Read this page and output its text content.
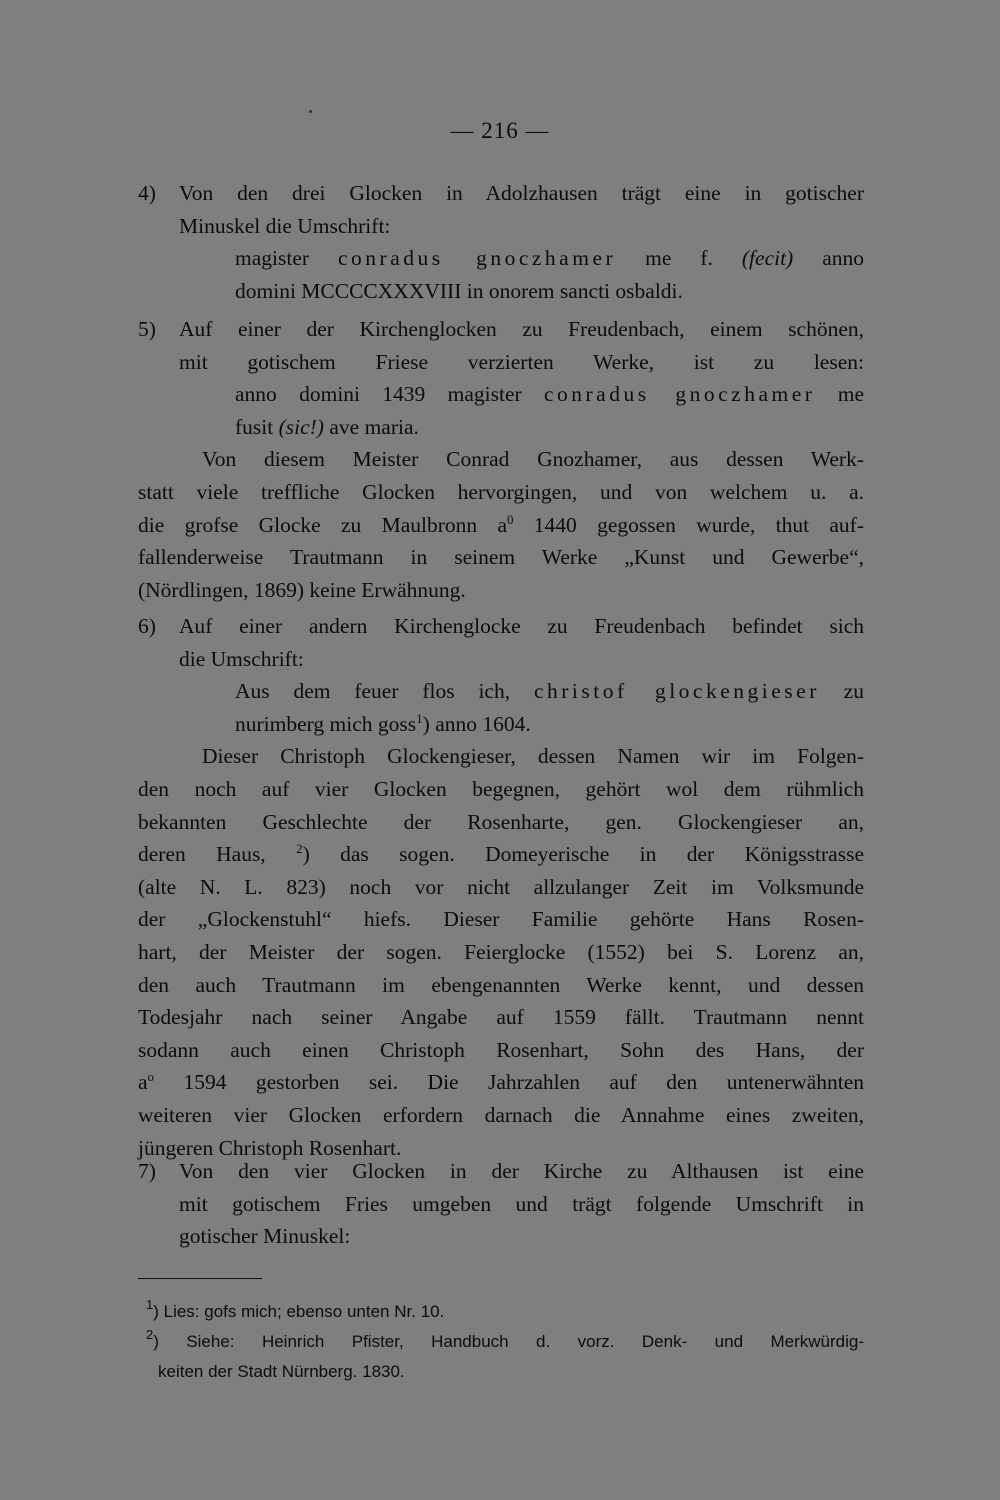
— 216 —
4) Von den drei Glocken in Adolzhausen trägt eine in gotischer
Minuskel die Umschrift:
magister conradus gnoczhamer me f. (fecit) anno
domini MCCCCXXXVIII in onorem sancti osbaldi.
5) Auf einer der Kirchenglocken zu Freudenbach, einem schönen,
mit gotischem Friese verzierten Werke, ist zu lesen:
anno domini 1439 magister conradus gnoczhamer me
fusit (sic!) ave maria.
Von diesem Meister Conrad Gnozhamer, aus dessen Werk-
statt viele treffliche Glocken hervorgingen, und von welchem u. a.
die grofse Glocke zu Maulbronn $a^0$ 1440 gegossen wurde, thut auf-
fallenderweise Trautmann in seinem Werke „Kunst und Gewerbe“,
(Nördlingen, 1869) keine Erwähnung.
6) Auf einer andern Kirchenglocke zu Freudenbach befindet sich
die Umschrift:
Aus dem feuer flos ich, christof glockengieser zu
nurimberg mich goss$^1$) anno 1604.
Dieser Christoph Glockengieser, dessen Namen wir im Folgen-
den noch auf vier Glocken begegnen, gehört wol dem rühmlich
bekannten Geschlechte der Rosenharte, gen. Glockengieser an,
deren Haus, $^2$) das sogen. Domeyerische in der Königsstrasse
(alte N. L. 823) noch vor nicht allzulanger Zeit im Volksmunde
der „Glockenstuhl“ hiefs. Dieser Familie gehörte Hans Rosen-
hart, der Meister der sogen. Feierglocke (1552) bei S. Lorenz an,
den auch Trautmann im ebengenannten Werke kennt, und dessen
Todesjahr nach seiner Angabe auf 1559 fällt. Trautmann nennt
sodann auch einen Christoph Rosenhart, Sohn des Hans, der
$a^o$ 1594 gestorben sei. Die Jahrzahlen auf den untenerwähnten
weiteren vier Glocken erfordern darnach die Annahme eines zweiten,
jüngeren Christoph Rosenhart.
7) Von den vier Glocken in der Kirche zu Althausen ist eine
mit gotischem Fries umgeben und trägt folgende Umschrift in
gotischer Minuskel:
$^1$) Lies: gofs mich; ebenso unten Nr. 10.
$^2$) Siehe: Heinrich Pfister, Handbuch d. vorz. Denk- und Merkwürdig-
keiten der Stadt Nürnberg. 1830.
